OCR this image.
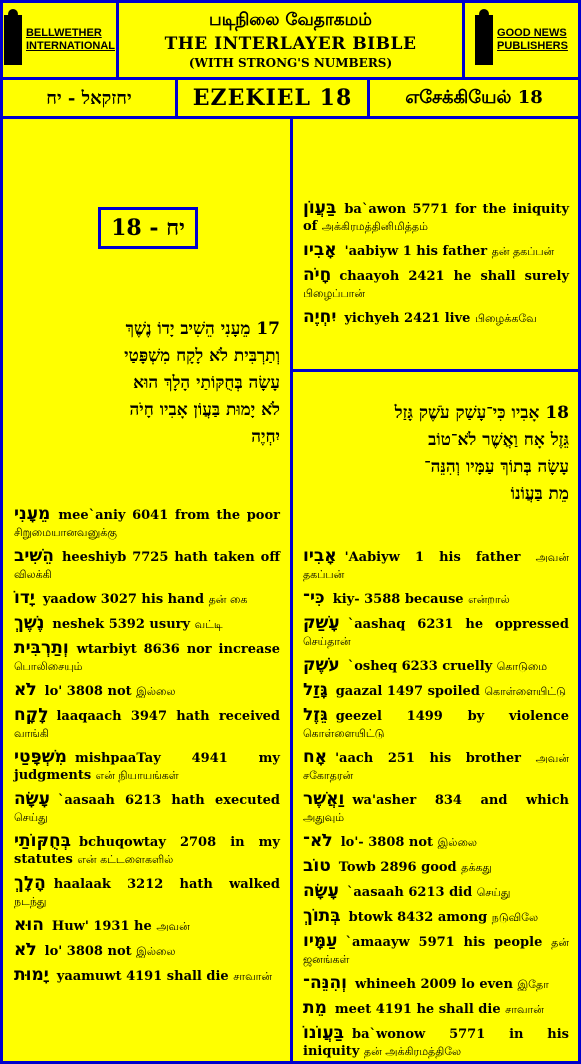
BELLWETHER
INTERNATIONAL
படிநிலை வேதாகமம்
THE INTERLAYER BIBLE
(WITH STRONG'S NUMBERS)
GOOD NEWS
PUBLISHERS
יחזקאל - יח	EZEKIEL 18	எசேக்கியேல் 18
יח - 18
17 מֵעָנִי הֵשִׁיב יָדוֹ נֶשֶׁךְ
וְתַרְבִּית לֹא לָקָח מִשְׁפָּטַי
עָשָׂה בְּחֻקּוֹתַי הָלָךְ הוּא
לֹא יָמוּת בַּעֲוֹן אָבִיו חָיֹה
יִחְיֶה
מֵעָנִי mee`aniy 6041 from the poor சிறுமையானவனுக்கு
הֵשִׁיב heeshiyb 7725 hath taken off விலக்கி
יָדוֹ yaadow 3027 his hand தன் கை
נֶשֶׁךְ neshek 5392 usury வட்டி
וְתַרְבִּית wtarbiyt 8636 nor increase பொலிசையும்
לֹא lo' 3808 not இல்லை
לָקָח laaqaach 3947 hath received வாங்கி
מִשְׁפָּטַי mishpaaTay 4941 my judgments என் நியாயங்கள்
עָשָׂה `aasaah 6213 hath executed செய்து
בְּחֻקּוֹתַי bchuqowtay 2708 in my statutes என் கட்டளைகளில்
הָלָךְ haalaak 3212 hath walked நடந்து
הוּא Huw' 1931 he அவன்
לֹא lo' 3808 not இல்லை
יָמוּת yaamuwt 4191 shall die சாவான்
בַּעֲוֹן ba`awon 5771 for the iniquity of அக்கிரமத்தினிமித்தம்
אָבִיו 'aabiyw 1 his father தன் தகப்பன்
חָיֹה chaayoh 2421 he shall surely பிழைப்பான்
יִחְיֶה yichyeh 2421 live பிழைக்கவே
18 אָבִיו כִּי־עָשַׁק עֹשֶׁק גָּזַל
גֵּזֶל אָח וַאֲשֶׁר לֹא־טוֹב
עָשָׂה בְּתוֹךְ עַמָּיו וְהִנֵּה־
מֵת בַּעֲוֹנוֹ
אָבִיו 'Aabiyw 1 his father அவன் தகப்பன்
כִּי־ kiy- 3588 because என்றால்
עָשַׁק `aashaq 6231 he oppressed செய்தான்
עֹשֶׁק `osheq 6233 cruelly கொடுமை
גָּזַל gaazal 1497 spoiled கொள்ளையிட்டு
גֵּזֶל geezel 1499 by violence கொள்ளையிட்டு
אָח 'aach 251 his brother அவன் சகோதரன்
וַאֲשֶׁר wa'asher 834 and which அதுவும்
לֹא־ lo'- 3808 not இல்லை
טוֹב Towb 2896 good தக்கது
עָשָׂה `aasaah 6213 did செய்து
בְּתוֹךְ btowk 8432 among நடுவிலே
עַמָּיו `amaayw 5971 his people தன் ஜனங்கள்
וְהִנֵּה־ whineeh 2009 lo even இதோ
מֵת meet 4191 he shall die சாவான்
בַּעֲוֹנוֹ ba`wonow 5771 in his iniquity தன் அக்கிரமத்திலே
